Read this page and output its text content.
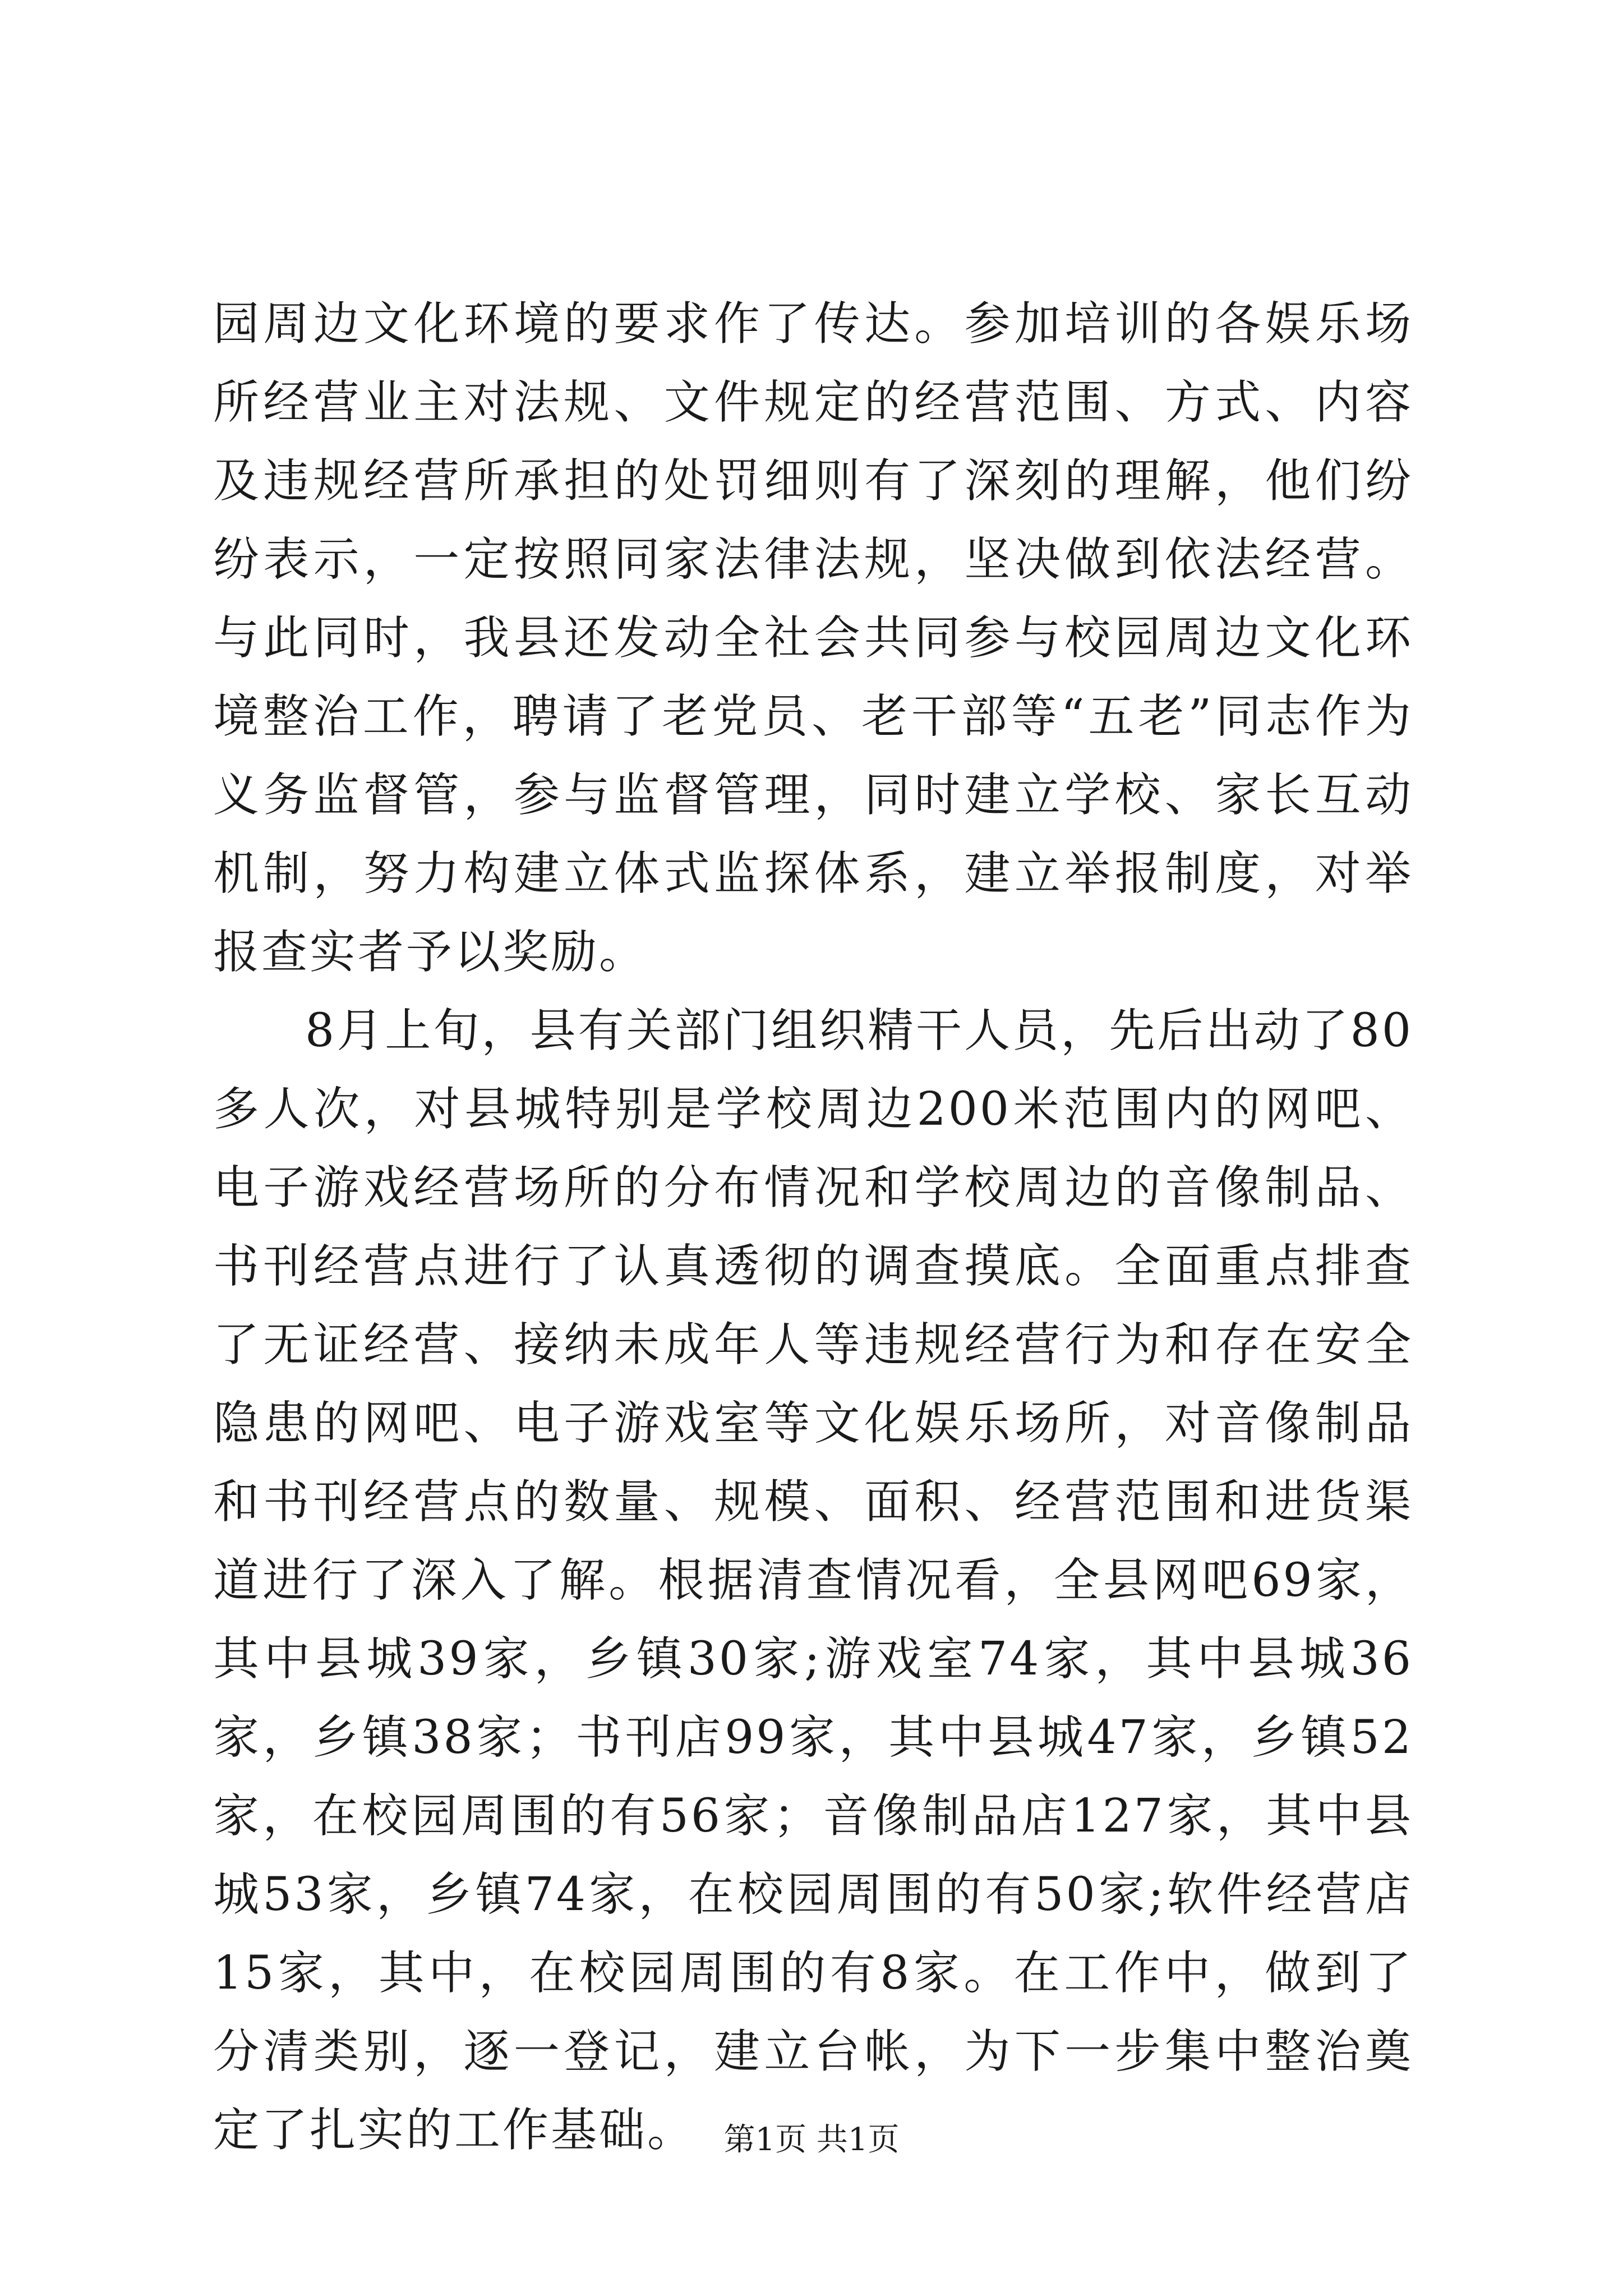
园周边文化环境的要求作了传达。参加培训的各娱乐场所经营业主对法规、文件规定的经营范围、方式、内容及违规经营所承担的处罚细则有了深刻的理解，他们纷纷表示，一定按照同家法律法规，坚决做到依法经营。与此同时，我县还发动全社会共同参与校园周边文化环境整治工作，聘请了老党员、老干部等“五老”同志作为义务监督管，参与监督管理，同时建立学校、家长互动机制，努力构建立体式监探体系，建立举报制度，对举报查实者予以奖励。

8月上旬，县有关部门组织精干人员，先后出动了80多人次，对县城特别是学校周边200米范围内的网吧、电子游戏经营场所的分布情况和学校周边的音像制品、书刊经营点进行了认真透彻的调查摸底。全面重点排查了无证经营、接纳未成年人等违规经营行为和存在安全隐患的网吧、电子游戏室等文化娱乐场所，对音像制品和书刊经营点的数量、规模、面积、经营范围和进货渠道进行了深入了解。根据清查情况看，全县网吧69家，其中县城39家，乡镇30家;游戏室74家，其中县城36家，乡镇38家；书刊店99家，其中县城47家，乡镇52家，在校园周围的有56家；音像制品店127家，其中县城53家，乡镇74家，在校园周围的有50家;软件经营店15家，其中，在校园周围的有8家。在工作中，做到了分清类别，逐一登记，建立台帐，为下一步集中整治奠定了扎实的工作基础。 第1页 共1页
